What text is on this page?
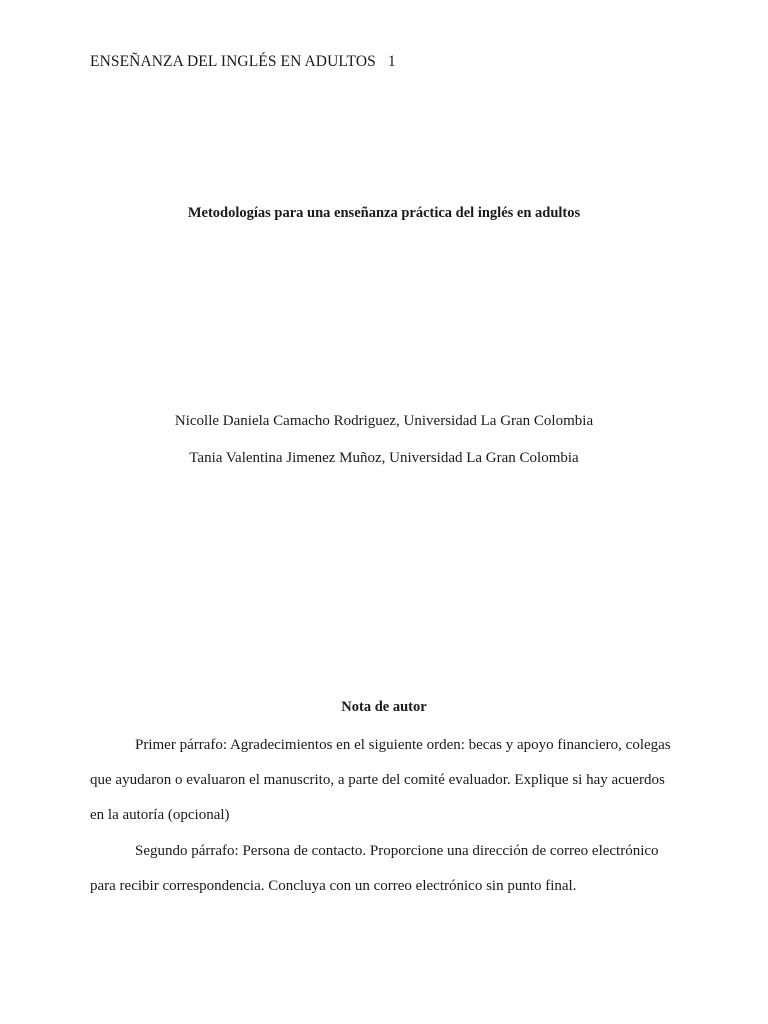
ENSEÑANZA DEL INGLÉS EN ADULTOS 1
Metodologías para una enseñanza práctica del inglés en adultos
Nicolle Daniela Camacho Rodriguez, Universidad La Gran Colombia
Tania Valentina Jimenez Muñoz, Universidad La Gran Colombia
Nota de autor
Primer párrafo: Agradecimientos en el siguiente orden: becas y apoyo financiero, colegas
que ayudaron o evaluaron el manuscrito, a parte del comité evaluador. Explique si hay acuerdos
en la autoría (opcional)
Segundo párrafo: Persona de contacto. Proporcione una dirección de correo electrónico
para recibir correspondencia. Concluya con un correo electrónico sin punto final.
